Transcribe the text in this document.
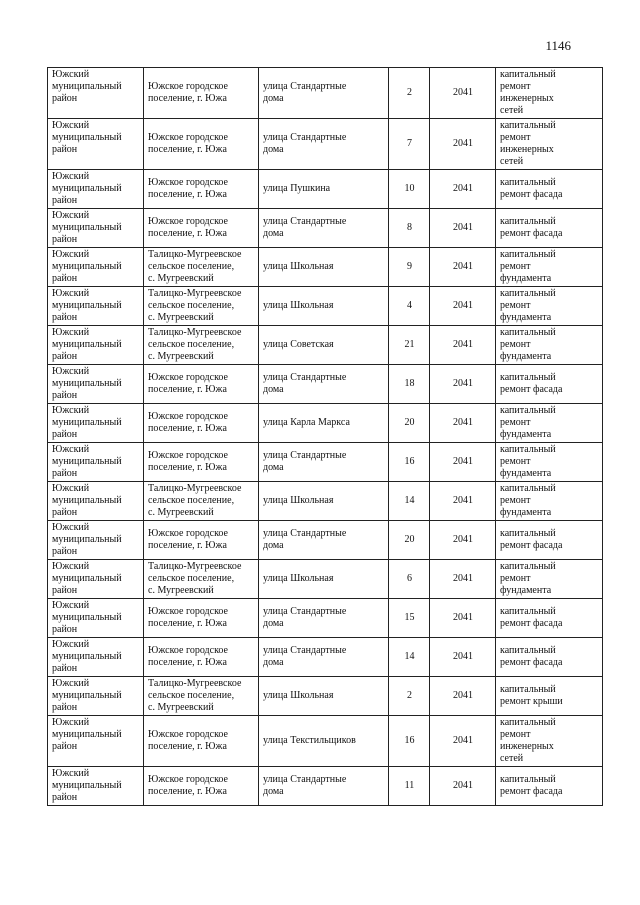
1146
Южский
муниципальный
район	Южское городское
поселение, г. Южа	улица Стандартные
дома	2	2041	капитальный
ремонт
инженерных
сетей

Южский
муниципальный
район	Южское городское
поселение, г. Южа	улица Стандартные
дома	7	2041	капитальный
ремонт
инженерных
сетей

Южский
муниципальный
район	Южское городское
поселение, г. Южа	улица Пушкина	10	2041	капитальный
ремонт фасада

Южский
муниципальный
район	Южское городское
поселение, г. Южа	улица Стандартные
дома	8	2041	капитальный
ремонт фасада

Южский
муниципальный
район	Талицко-Мугреевское
сельское поселение,
с. Мугреевский	улица Школьная	9	2041	капитальный
ремонт
фундамента

Южский
муниципальный
район	Талицко-Мугреевское
сельское поселение,
с. Мугреевский	улица Школьная	4	2041	капитальный
ремонт
фундамента

Южский
муниципальный
район	Талицко-Мугреевское
сельское поселение,
с. Мугреевский	улица Советская	21	2041	капитальный
ремонт
фундамента

Южский
муниципальный
район	Южское городское
поселение, г. Южа	улица Стандартные
дома	18	2041	капитальный
ремонт фасада

Южский
муниципальный
район	Южское городское
поселение, г. Южа	улица Карла Маркса	20	2041	капитальный
ремонт
фундамента

Южский
муниципальный
район	Южское городское
поселение, г. Южа	улица Стандартные
дома	16	2041	капитальный
ремонт
фундамента

Южский
муниципальный
район	Талицко-Мугреевское
сельское поселение,
с. Мугреевский	улица Школьная	14	2041	капитальный
ремонт
фундамента

Южский
муниципальный
район	Южское городское
поселение, г. Южа	улица Стандартные
дома	20	2041	капитальный
ремонт фасада

Южский
муниципальный
район	Талицко-Мугреевское
сельское поселение,
с. Мугреевский	улица Школьная	6	2041	капитальный
ремонт
фундамента

Южский
муниципальный
район	Южское городское
поселение, г. Южа	улица Стандартные
дома	15	2041	капитальный
ремонт фасада

Южский
муниципальный
район	Южское городское
поселение, г. Южа	улица Стандартные
дома	14	2041	капитальный
ремонт фасада

Южский
муниципальный
район	Талицко-Мугреевское
сельское поселение,
с. Мугреевский	улица Школьная	2	2041	капитальный
ремонт крыши

Южский
муниципальный
район	Южское городское
поселение, г. Южа	улица Текстильщиков	16	2041	капитальный
ремонт
инженерных
сетей

Южский
муниципальный
район	Южское городское
поселение, г. Южа	улица Стандартные
дома	11	2041	капитальный
ремонт фасада
